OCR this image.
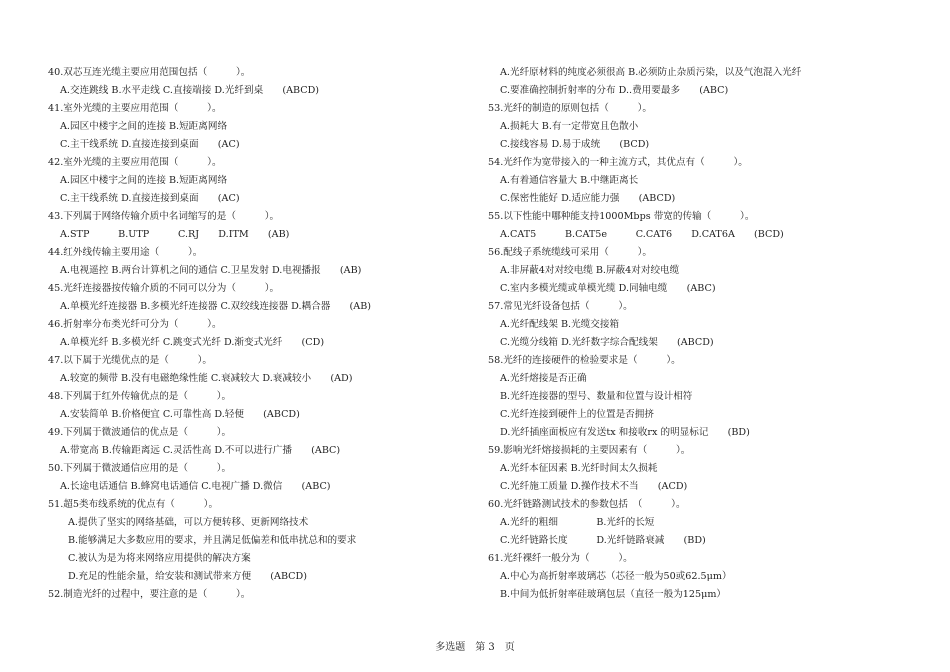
40.双芯互连光缆主要应用范围包括（　　　）。
A.交连跳线 B.水平走线 C.直接端接 D.光纤到桌　　(ABCD)
41.室外光缆的主要应用范围（　　　）。
A.园区中楼宇之间的连接 B.短距离网络
C.主干线系统 D.直接连接到桌面　　(AC)
42.室外光缆的主要应用范围（　　　）。
A.园区中楼宇之间的连接 B.短距离网络
C.主干线系统 D.直接连接到桌面　　(AC)
43.下列属于网络传输介质中名词缩写的是（　　　）。
A.STP　　　B.UTP　　　C.RJ　　D.ITM　　(AB)
44.红外线传输主要用途（　　　）。
A.电视遥控 B.两台计算机之间的通信 C.卫星发射 D.电视播报　　(AB)
45.光纤连接器按传输介质的不同可以分为（　　　）。
A.单模光纤连接器 B.多模光纤连接器 C.双绞线连接器 D.耦合器　　(AB)
46.折射率分布类光纤可分为（　　　）。
A.单模光纤 B.多模光纤 C.跳变式光纤 D.渐变式光纤　　(CD)
47.以下属于光缆优点的是（　　　）。
A.较宽的频带 B.没有电磁绝缘性能 C.衰减较大 D.衰减较小　　(AD)
48.下列属于红外传输优点的是（　　　）。
A.安装简单 B.价格便宜 C.可靠性高 D.轻便　　(ABCD)
49.下列属于微波通信的优点是（　　　）。
A.带宽高 B.传输距离远 C.灵活性高 D.不可以进行广播　　(ABC)
50.下列属于微波通信应用的是（　　　）。
A.长途电话通信 B.蜂窝电话通信 C.电视广播 D.微信　　(ABC)
51.超5类布线系统的优点有（　　　）。
A.提供了坚实的网络基础，可以方便转移、更新网络技术
B.能够满足大多数应用的要求，并且满足低偏差和低串扰总和的要求
C.被认为是为将来网络应用提供的解决方案
D.充足的性能余量，给安装和测试带来方便　　(ABCD)
52.制造光纤的过程中，要注意的是（　　　）。
A.光纤原材料的纯度必须很高 B.必须防止杂质污染，以及气泡混入光纤
C.要准确控制折射率的分布 D..费用要最多　　(ABC)
53.光纤的制造的原则包括（　　　）。
A.损耗大 B.有一定带宽且色散小
C.接线容易 D.易于成统　　(BCD)
54.光纤作为宽带接入的一种主流方式，其优点有（　　　）。
A.有着通信容量大 B.中继距离长
C.保密性能好 D.适应能力强　　(ABCD)
55.以下性能中哪种能支持1000Mbps 带宽的传输（　　　）。
A.CAT5　　　B.CAT5e　　　C.CAT6　　D.CAT6A　　(BCD)
56.配线子系统缆线可采用（　　　）。
A.非屏蔽4对对绞电缆 B.屏蔽4对对绞电缆
C.室内多模光缆或单模光缆 D.同轴电缆　　(ABC)
57.常见光纤设备包括（　　　）。
A.光纤配线架 B.光缆交接箱
C.光缆分线箱 D.光纤数字综合配线架　　(ABCD)
58.光纤的连接硬件的检验要求是（　　　）。
A.光纤熔接是否正确
B.光纤连接器的型号、数量和位置与设计相符
C.光纤连接到硬件上的位置是否拥挤
D.光纤插座面板应有发送tx 和接收rx 的明显标记　　(BD)
59.影响光纤熔接损耗的主要因素有（　　　）。
A.光纤本征因素 B.光纤时间太久损耗
C.光纤施工质量 D.操作技术不当　　(ACD)
60.光纤链路测试技术的参数包括　（　　　）。
A.光纤的粗细　　　　B.光纤的长短
C.光纤链路长度　　　D.光纤链路衰减　　(BD)
61.光纤裸纤一般分为（　　　）。
A.中心为高折射率玻璃芯（芯径一般为50或62.5μm）
B.中间为低折射率硅玻璃包层（直径一般为125μm）
多选题　第 3　页
